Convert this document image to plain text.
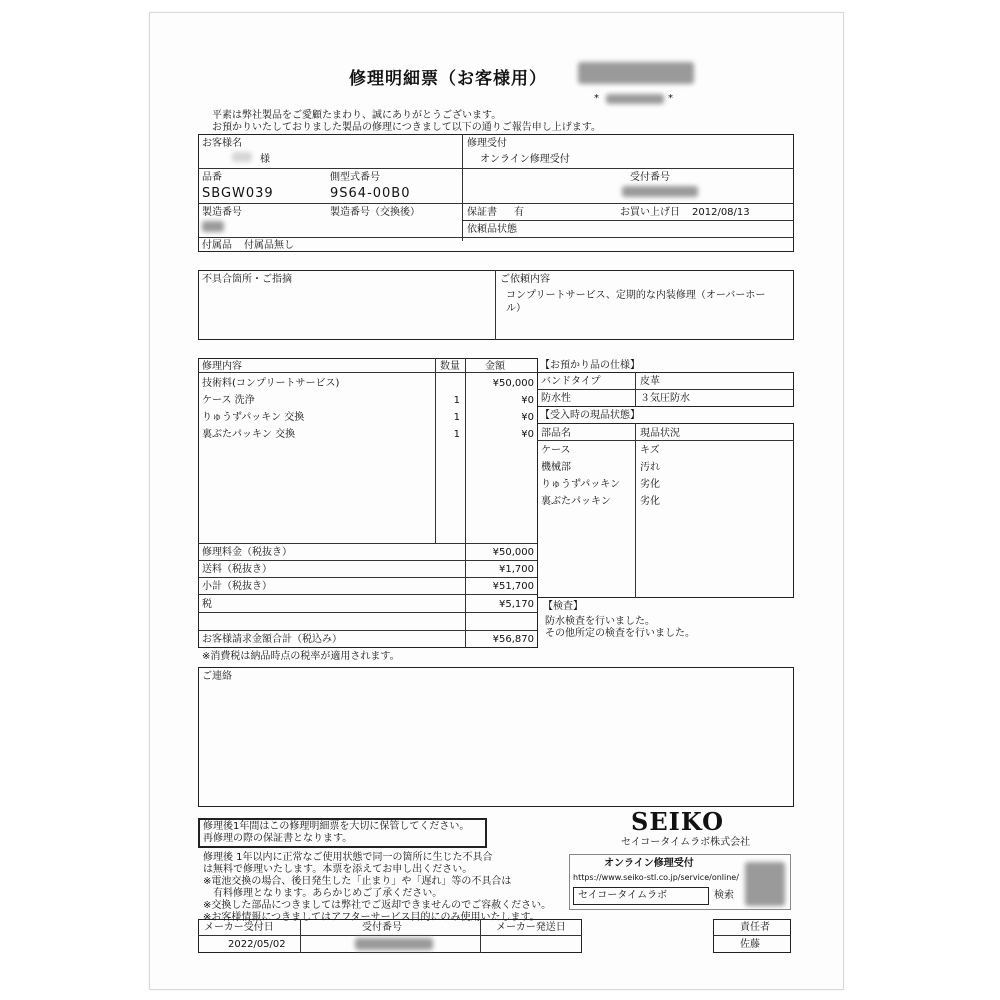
修理明細票（お客様用）
*	*
平素は弊社製品をご愛顧たまわり、誠にありがとうございます。
お預かりいたしておりました製品の修理につきまして以下の通りご報告申し上げます。
お客様名
様
品番	側型式番号
SBGW039	9S64-00B0
製造番号	製造番号（交換後）
付属品 付属品無し
修理受付
オンライン修理受付
受付番号
保証書 有	お買い上げ日 2012/08/13
依頼品状態
不具合箇所・ご指摘	ご依頼内容
コンプリートサービス、定期的な内装修理（オーバーホー
ル）
修理内容	数量	金額
技術料(コンプリートサービス)	¥50,000
ケース 洗浄	1	¥0
りゅうずパッキン 交換	1	¥0
裏ぶたパッキン 交換	1	¥0
修理料金（税抜き）	¥50,000
送料（税抜き）	¥1,700
小計（税抜き）	¥51,700
税	¥5,170
お客様請求金額合計（税込み）	¥56,870
※消費税は納品時点の税率が適用されます。
【お預かり品の仕様】
バンドタイプ	皮革
防水性	３気圧防水
【受入時の現品状態】
部品名	現品状況
ケース	キズ
機械部	汚れ
りゅうずパッキン 劣化
裏ぶたパッキン	劣化
【検査】
防水検査を行いました。
その他所定の検査を行いました。
ご連絡
修理後1年間はこの修理明細票を大切に保管してください。
再修理の際の保証書となります。
修理後 1年以内に正常なご使用状態で同一の箇所に生じた不具合
は無料で修理いたします。本票を添えてお申し出ください。
※電池交換の場合、後日発生した「止まり」や「遅れ」等の不具合は
　有料修理となります。あらかじめご了承ください。
※交換した部品につきましては弊社でご返却できませんのでご容赦ください。
※お客様情報につきましてはアフターサービス目的にのみ使用いたします。
SEIKO
セイコータイムラボ株式会社
オンライン修理受付
https://www.seiko-stl.co.jp/service/online/
セイコータイムラボ	検索
メーカー受付日	受付番号	メーカー発送日
2022/05/02
責任者
佐藤
